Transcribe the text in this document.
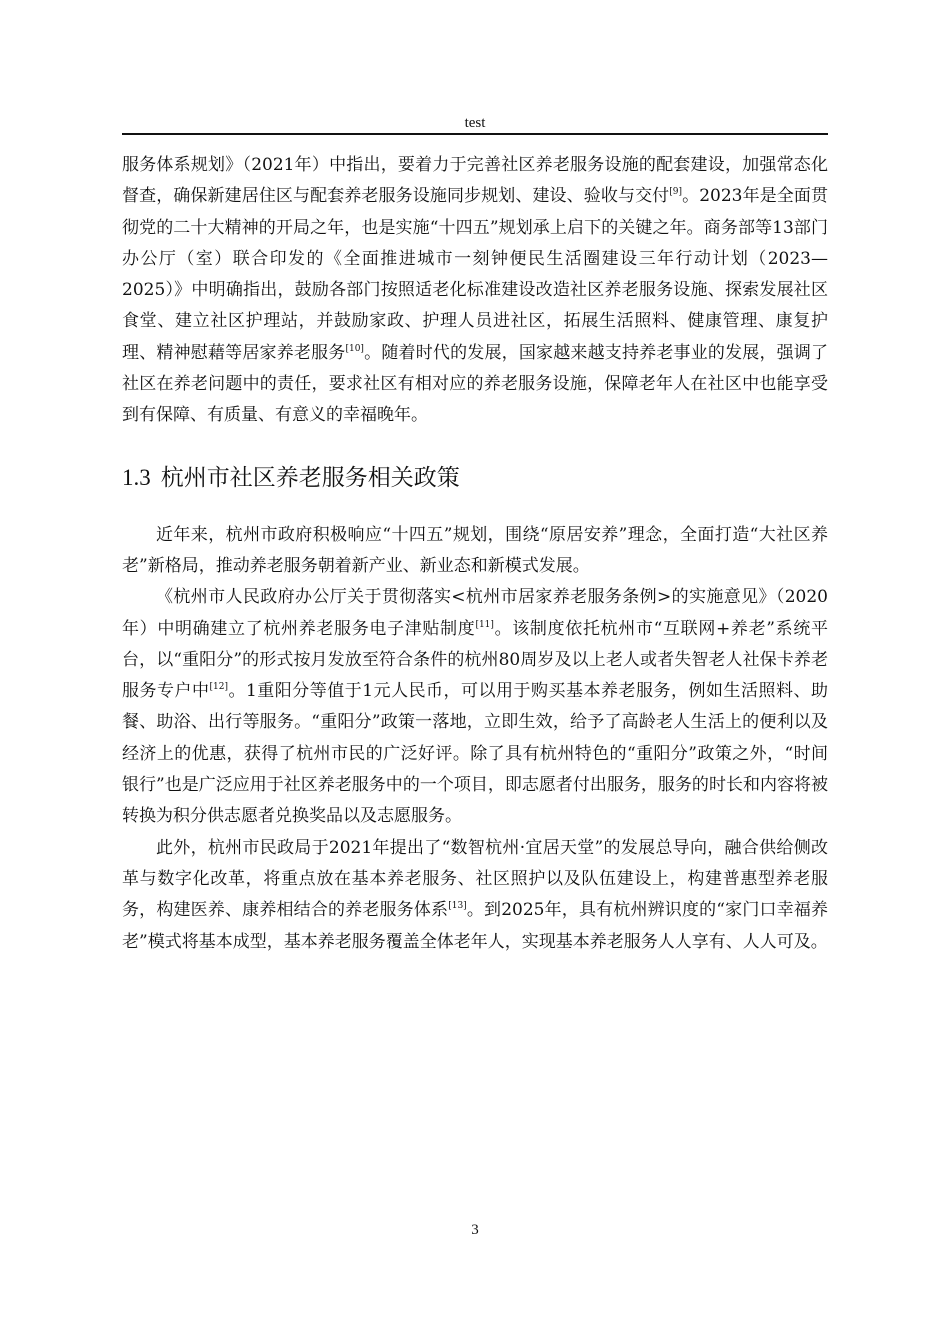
test

服务体系规划》（2021年）中指出，要着力于完善社区养老服务设施的配套建设，加强常态化督查，确保新建居住区与配套养老服务设施同步规划、建设、验收与交付[9]。2023年是全面贯彻党的二十大精神的开局之年，也是实施“十四五”规划承上启下的关键之年。商务部等13部门办公厅（室）联合印发的《全面推进城市一刻钟便民生活圈建设三年行动计划（2023—2025）》中明确指出，鼓励各部门按照适老化标准建设改造社区养老服务设施、探索发展社区食堂、建立社区护理站，并鼓励家政、护理人员进社区，拓展生活照料、健康管理、康复护理、精神慰藉等居家养老服务[10]。随着时代的发展，国家越来越支持养老事业的发展，强调了社区在养老问题中的责任，要求社区有相对应的养老服务设施，保障老年人在社区中也能享受到有保障、有质量、有意义的幸福晚年。

1.3 杭州市社区养老服务相关政策

近年来，杭州市政府积极响应“十四五”规划，围绕“原居安养”理念，全面打造“大社区养老”新格局，推动养老服务朝着新产业、新业态和新模式发展。

《杭州市人民政府办公厅关于贯彻落实<杭州市居家养老服务条例>的实施意见》（2020年）中明确建立了杭州养老服务电子津贴制度[11]。该制度依托杭州市“互联网+养老”系统平台，以“重阳分”的形式按月发放至符合条件的杭州80周岁及以上老人或者失智老人社保卡养老服务专户中[12]。1重阳分等值于1元人民币，可以用于购买基本养老服务，例如生活照料、助餐、助浴、出行等服务。“重阳分”政策一落地，立即生效，给予了高龄老人生活上的便利以及经济上的优惠，获得了杭州市民的广泛好评。除了具有杭州特色的“重阳分”政策之外，“时间银行”也是广泛应用于社区养老服务中的一个项目，即志愿者付出服务，服务的时长和内容将被转换为积分供志愿者兑换奖品以及志愿服务。

此外，杭州市民政局于2021年提出了“数智杭州·宜居天堂”的发展总导向，融合供给侧改革与数字化改革，将重点放在基本养老服务、社区照护以及队伍建设上，构建普惠型养老服务，构建医养、康养相结合的养老服务体系[13]。到2025年，具有杭州辨识度的“家门口幸福养老”模式将基本成型，基本养老服务覆盖全体老年人，实现基本养老服务人人享有、人人可及。

3
